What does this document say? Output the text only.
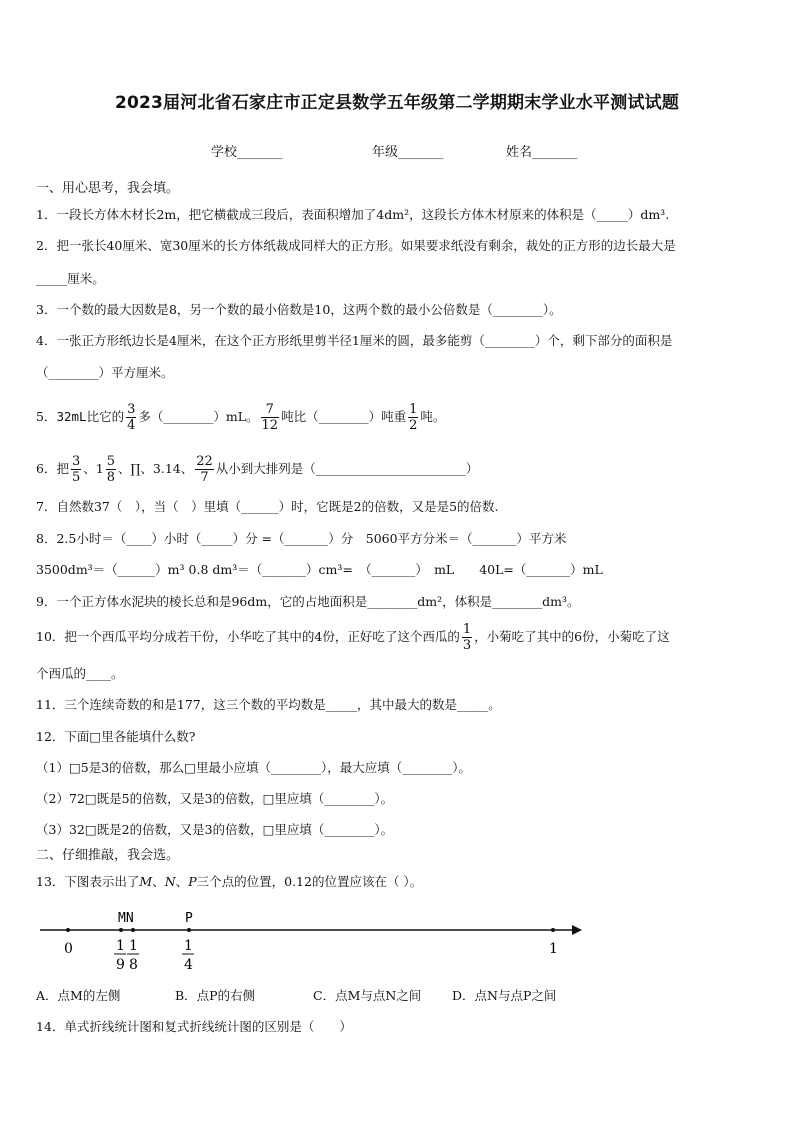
2023届河北省石家庄市正定县数学五年级第二学期期末学业水平测试试题
学校_______	年级_______	姓名_______
一、用心思考，我会填。
1．一段长方体木材长2m，把它横截成三段后，表面积增加了4dm²，这段长方体木材原来的体积是（_____）dm³.
2．把一张长40厘米、宽30厘米的长方体纸裁成同样大的正方形。如果要求纸没有剩余，裁处的正方形的边长最大是
_____厘米。
3．一个数的最大因数是8，另一个数的最小倍数是10，这两个数的最小公倍数是（________）。
4．一张正方形纸边长是4厘米，在这个正方形纸里剪半径1厘米的圆，最多能剪（________）个，剩下部分的面积是
（________）平方厘米。
5．32mL比它的 $\frac{3}{4}$ 多（________）mL。 $\frac{7}{12}$ 吨比（________）吨重 $\frac{1}{2}$ 吨。
6．把 $\frac{3}{5}$ 、$1 \frac{5}{8}$ 、∏、3.14、 $\frac{22}{7}$ 从小到大排列是（________________________）
7．自然数37（　），当（　）里填（______）时，它既是2的倍数，又是是5的倍数.
8．2.5小时＝（____）小时（_____）分 =（_______）分　5060平方分米＝（_______）平方米
3500dm³＝（______）m³ 0.8 dm³＝（_______）cm³=　（_______）　mL　　40L=（_______）mL
9．一个正方体水泥块的棱长总和是96dm，它的占地面积是________dm²，体积是________dm³。
10．把一个西瓜平均分成若干份，小华吃了其中的4份，正好吃了这个西瓜的 $\frac{1}{3}$ ，小菊吃了其中的6份，小菊吃了这
个西瓜的____。
11．三个连续奇数的和是177，这三个数的平均数是_____，其中最大的数是_____。
12．下面□里各能填什么数?
（1）□5是3的倍数，那么□里最小应填（________），最大应填（________）。
（2）72□既是5的倍数，又是3的倍数，□里应填（________）。
（3）32□既是2的倍数，又是3的倍数，□里应填（________）。
二、仔细推敲，我会选。
13．下图表示出了M、N、P三个点的位置，0.12的位置应该在（ ）。
MN	P
0	1
1
9
1
8
1
4
A．点M的左侧	B．点P的右侧	C．点M与点N之间	D．点N与点P之间
14．单式折线统计图和复式折线统计图的区别是（　　）
